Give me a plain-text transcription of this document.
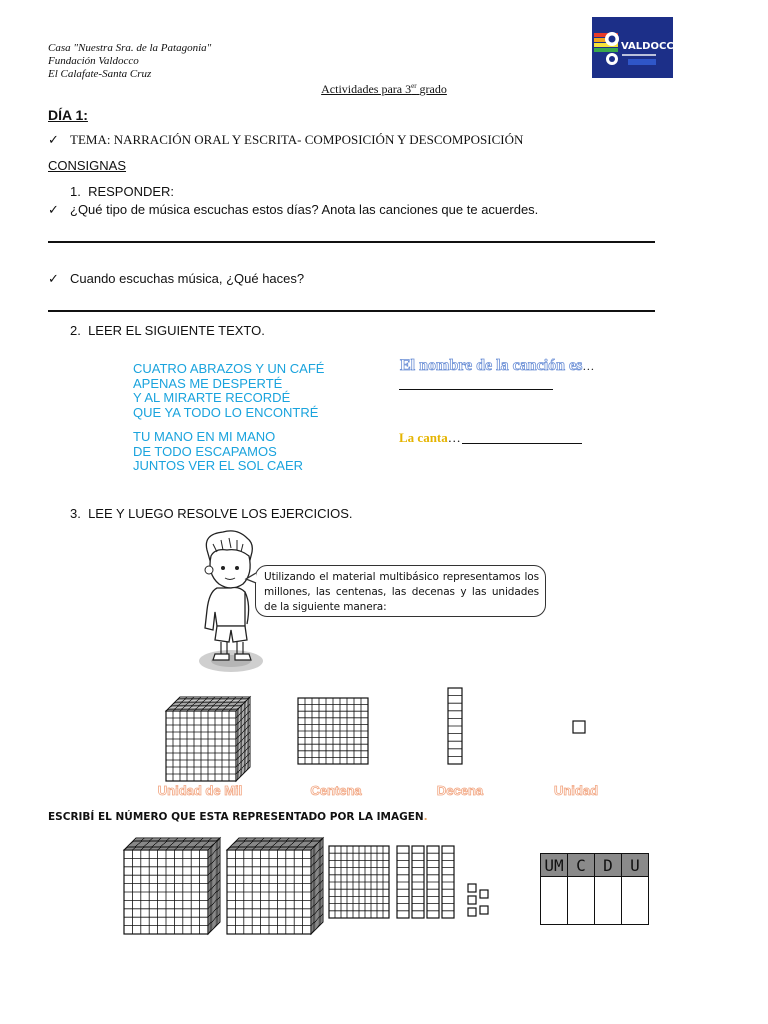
Casa "Nuestra Sra. de la Patagonia"
Fundación Valdocco
El Calafate-Santa Cruz
VALDOCCO
Actividades para 3er grado
DÍA 1:
✓ TEMA: NARRACIÓN ORAL Y ESCRITA- COMPOSICIÓN Y DESCOMPOSICIÓN
CONSIGNAS
1. RESPONDER:
✓ ¿Qué tipo de música escuchas estos días? Anota las canciones que te acuerdes.
✓ Cuando escuchas música, ¿Qué haces?
2. LEER EL SIGUIENTE TEXTO.
CUATRO ABRAZOS Y UN CAFÉ
APENAS ME DESPERTÉ
Y AL MIRARTE RECORDÉ
QUE YA TODO LO ENCONTRÉ
TU MANO EN MI MANO
DE TODO ESCAPAMOS
JUNTOS VER EL SOL CAER
El nombre de la canción es…
La canta…
3. LEE Y LUEGO RESOLVE LOS EJERCICIOS.
Utilizando el material multibásico representamos los millones, las centenas, las decenas y las unidades de la siguiente manera:
Unidad de Mil	Centena	Decena	Unidad
ESCRIBÍ EL NÚMERO QUE ESTA REPRESENTADO POR LA IMAGEN.
UM	C	D	U
